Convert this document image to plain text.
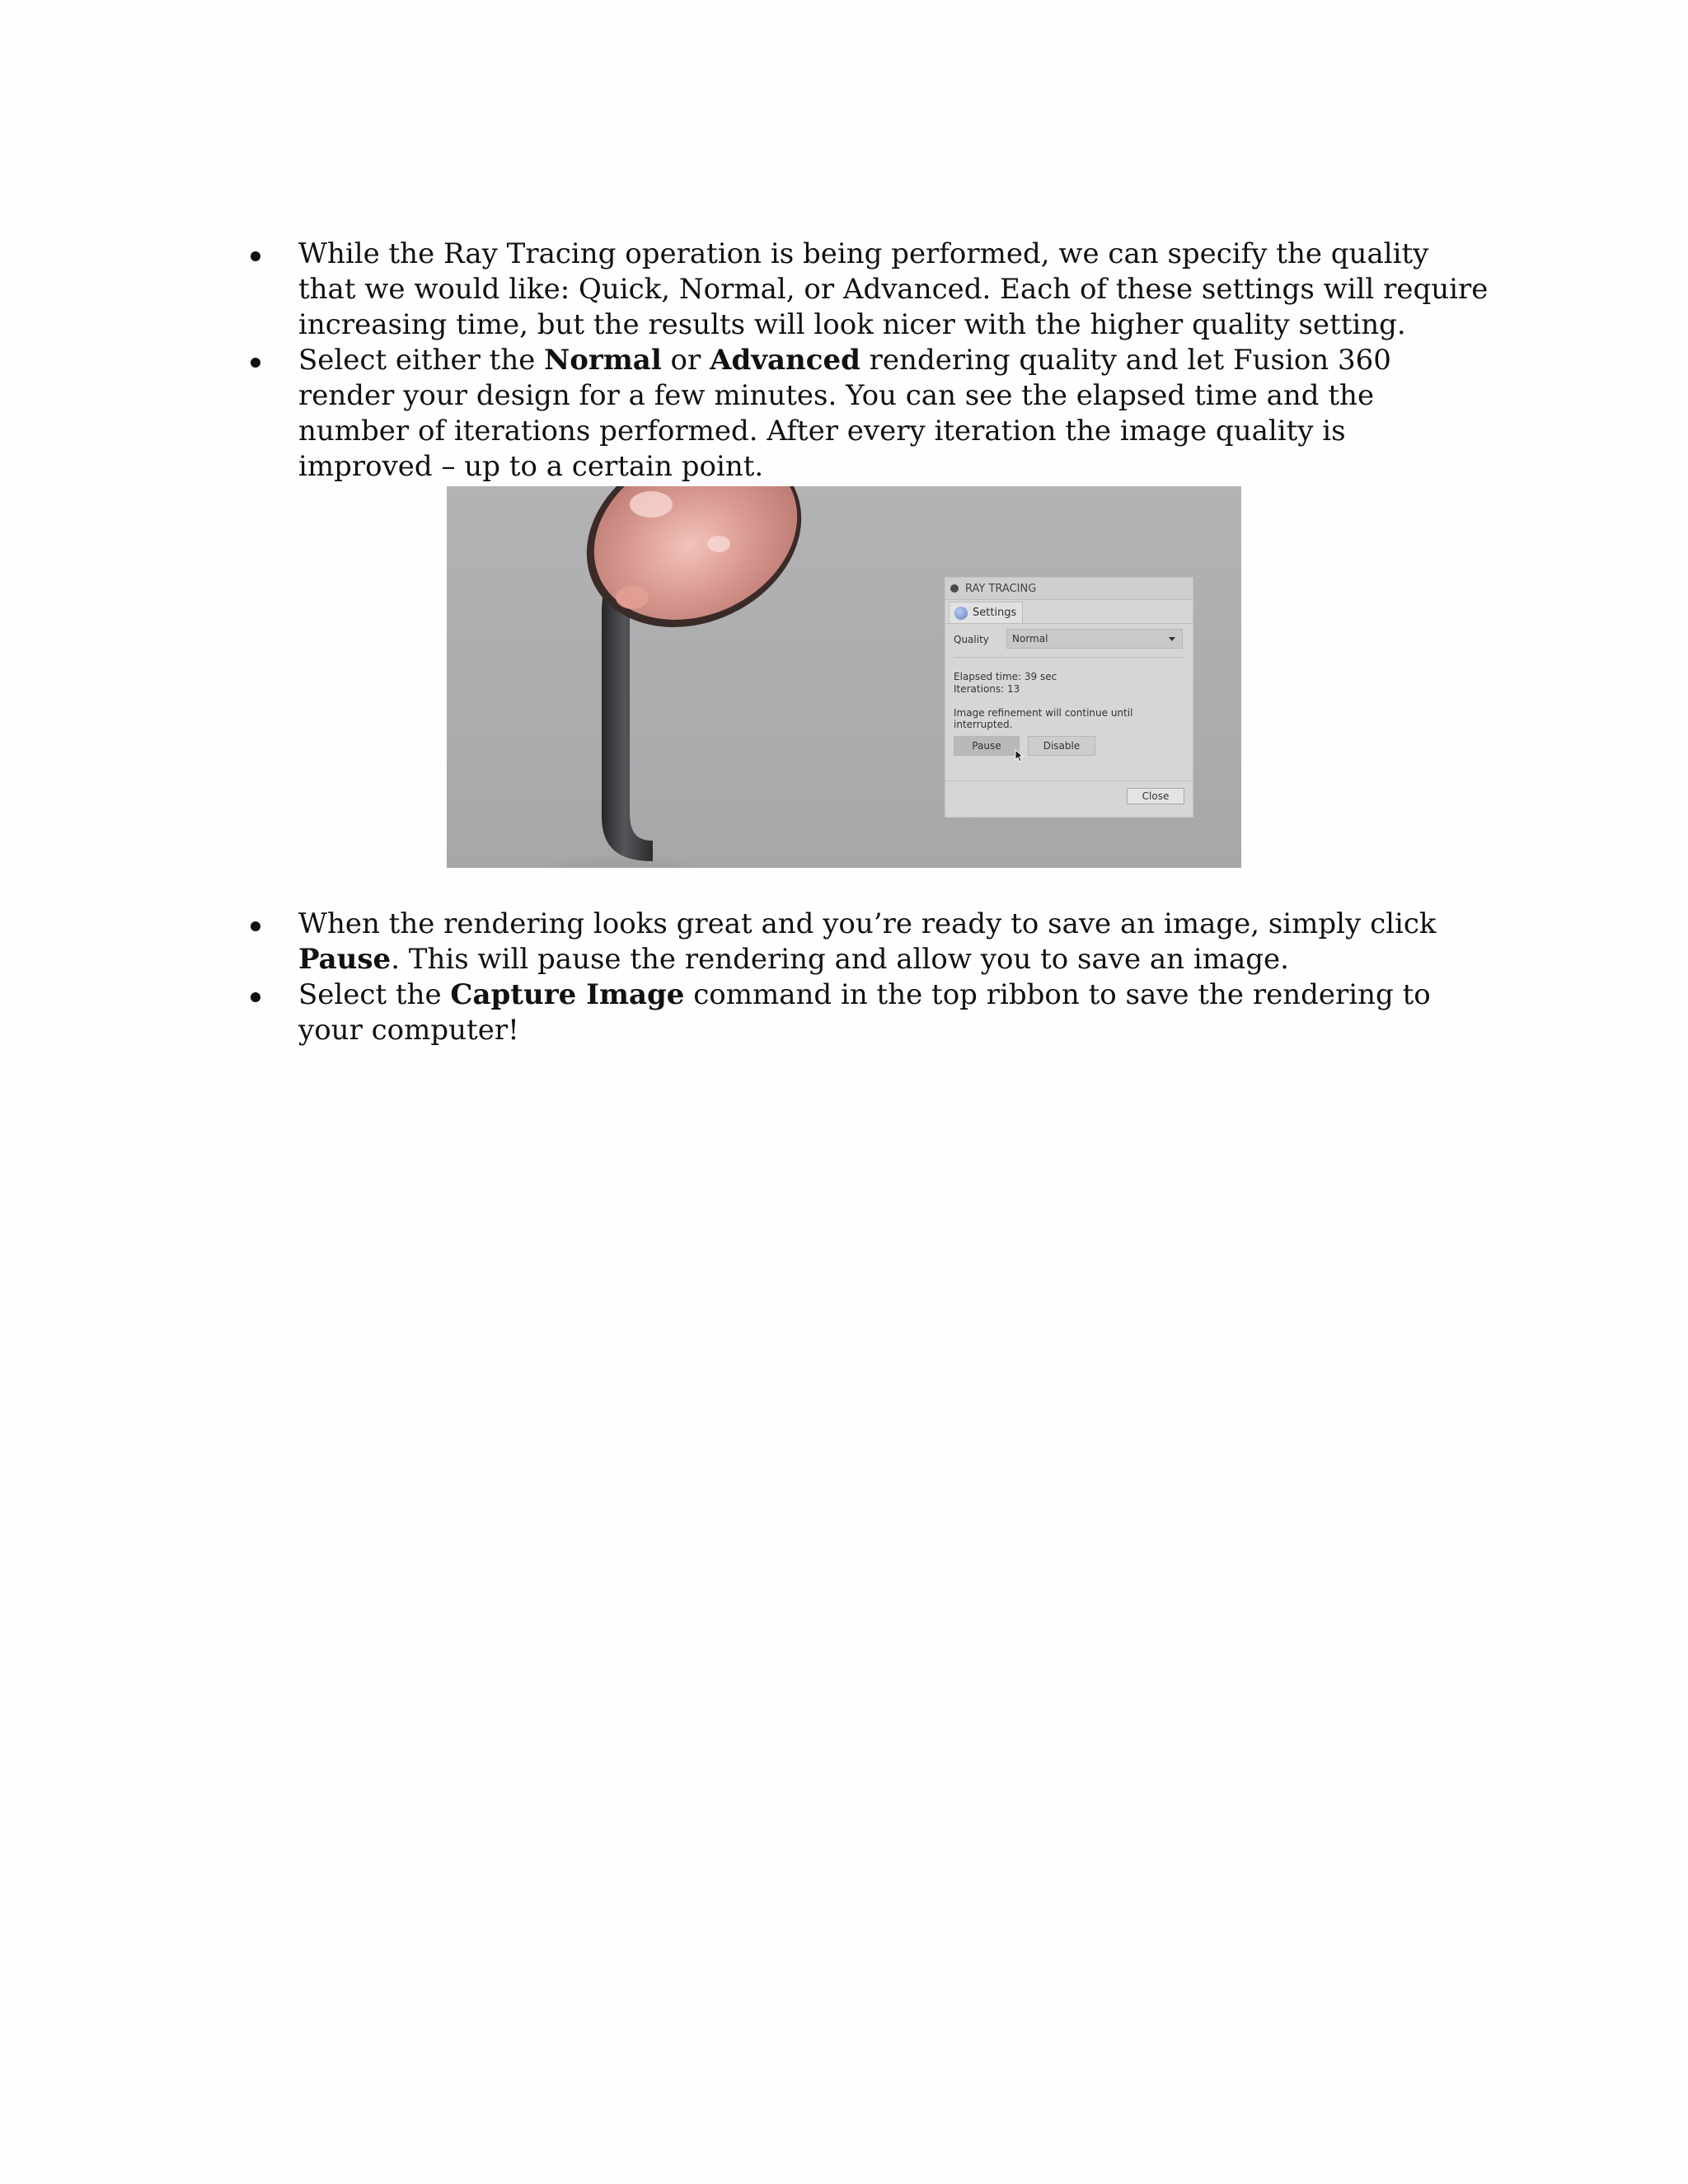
While the Ray Tracing operation is being performed, we can specify the quality that we would like: Quick, Normal, or Advanced. Each of these settings will require increasing time, but the results will look nicer with the higher quality setting.
Select either the Normal or Advanced rendering quality and let Fusion 360 render your design for a few minutes. You can see the elapsed time and the number of iterations performed. After every iteration the image quality is improved – up to a certain point.
RAY TRACING
Settings
Quality Normal
Elapsed time: 39 sec
Iterations: 13
Image refinement will continue until interrupted.
Pause	Disable
Close
When the rendering looks great and you’re ready to save an image, simply click Pause. This will pause the rendering and allow you to save an image.
Select the Capture Image command in the top ribbon to save the rendering to your computer!
